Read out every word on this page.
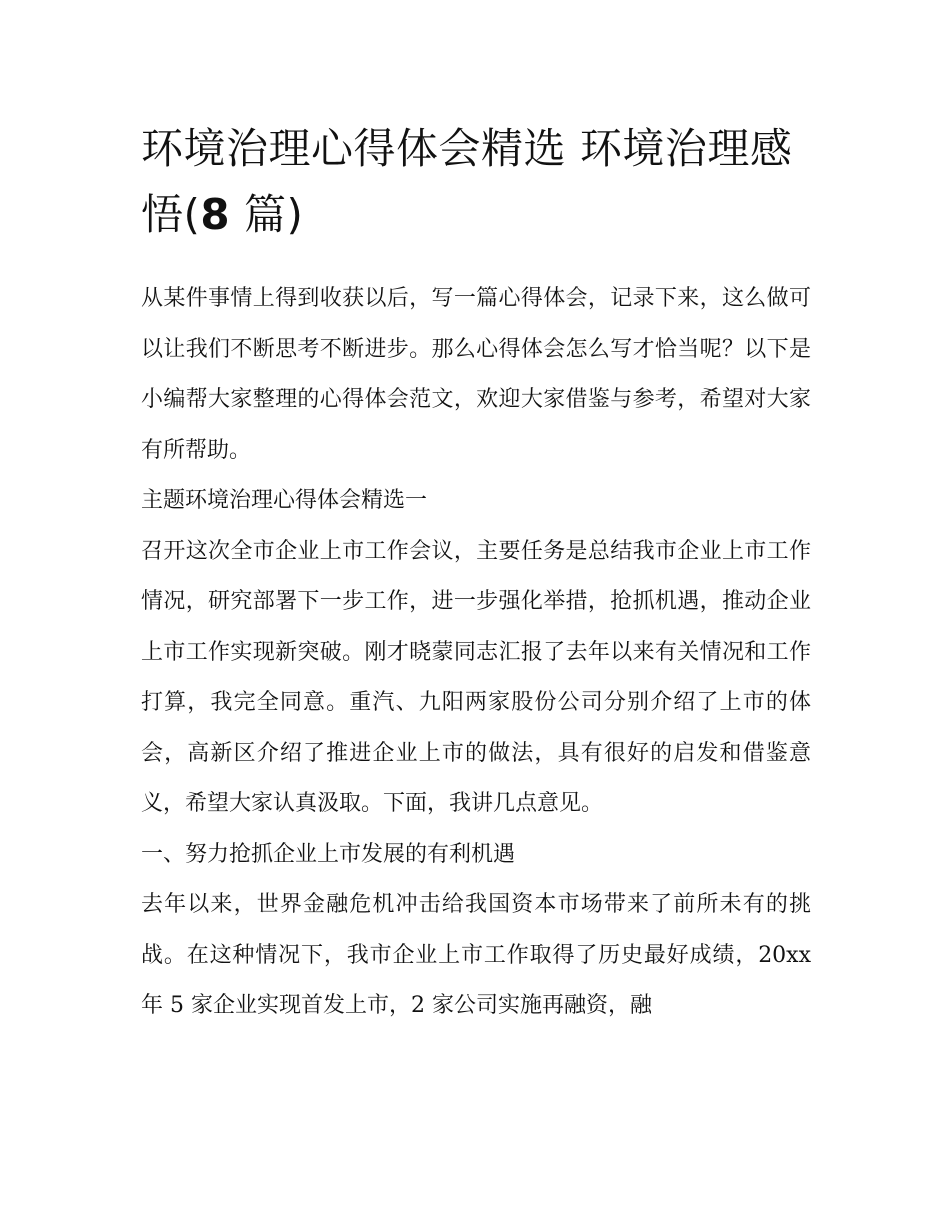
环境治理心得体会精选 环境治理感悟(8 篇)

从某件事情上得到收获以后，写一篇心得体会，记录下来，这么做可以让我们不断思考不断进步。那么心得体会怎么写才恰当呢？以下是小编帮大家整理的心得体会范文，欢迎大家借鉴与参考，希望对大家有所帮助。

主题环境治理心得体会精选一

召开这次全市企业上市工作会议，主要任务是总结我市企业上市工作情况，研究部署下一步工作，进一步强化举措，抢抓机遇，推动企业上市工作实现新突破。刚才晓蒙同志汇报了去年以来有关情况和工作打算，我完全同意。重汽、九阳两家股份公司分别介绍了上市的体会，高新区介绍了推进企业上市的做法，具有很好的启发和借鉴意义，希望大家认真汲取。下面，我讲几点意见。

一、努力抢抓企业上市发展的有利机遇

去年以来，世界金融危机冲击给我国资本市场带来了前所未有的挑战。在这种情况下，我市企业上市工作取得了历史最好成绩，20xx 年 5 家企业实现首发上市，2 家公司实施再融资，融
